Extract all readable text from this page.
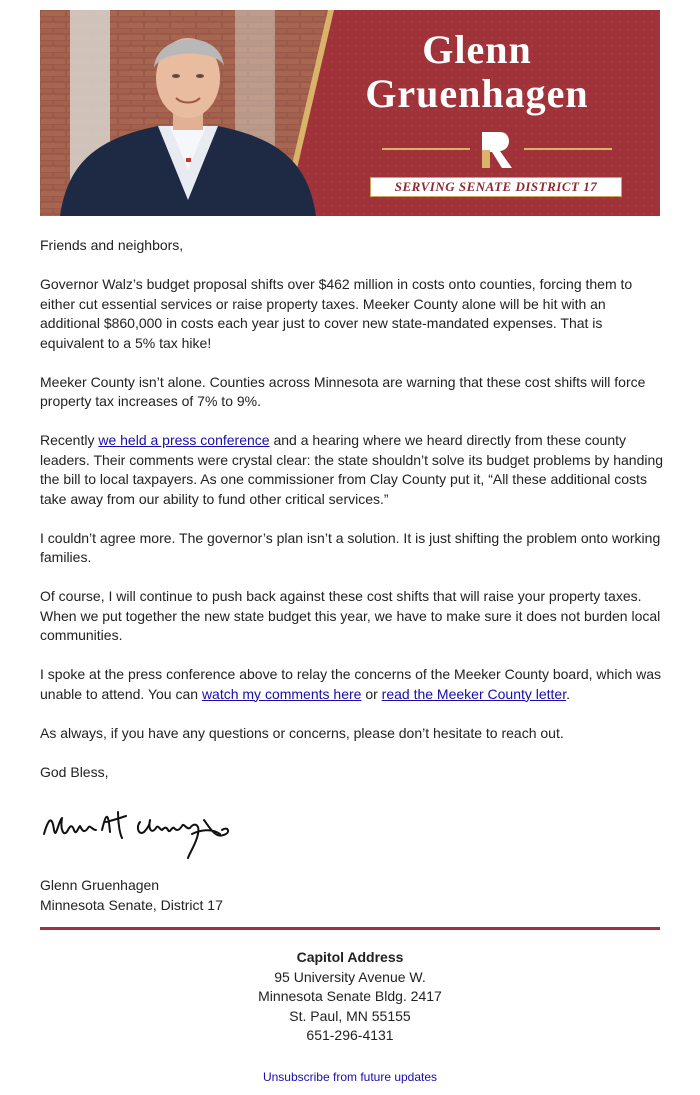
Glenn
Gruenhagen
SERVING SENATE DISTRICT 17

Friends and neighbors,

Governor Walz’s budget proposal shifts over $462 million in costs onto counties, forcing them to either cut essential services or raise property taxes. Meeker County alone will be hit with an additional $860,000 in costs each year just to cover new state-mandated expenses. That is equivalent to a 5% tax hike!

Meeker County isn’t alone. Counties across Minnesota are warning that these cost shifts will force property tax increases of 7% to 9%.

Recently we held a press conference and a hearing where we heard directly from these county leaders. Their comments were crystal clear: the state shouldn’t solve its budget problems by handing the bill to local taxpayers. As one commissioner from Clay County put it, “All these additional costs take away from our ability to fund other critical services.”

I couldn’t agree more. The governor’s plan isn’t a solution. It is just shifting the problem onto working families.

Of course, I will continue to push back against these cost shifts that will raise your property taxes. When we put together the new state budget this year, we have to make sure it does not burden local communities.

I spoke at the press conference above to relay the concerns of the Meeker County board, which was unable to attend. You can watch my comments here or read the Meeker County letter.

As always, if you have any questions or concerns, please don’t hesitate to reach out.

God Bless,

Glenn Gruenhagen
Minnesota Senate, District 17
Capitol Address
95 University Avenue W.
Minnesota Senate Bldg. 2417
St. Paul, MN 55155
651-296-4131
Unsubscribe from future updates
